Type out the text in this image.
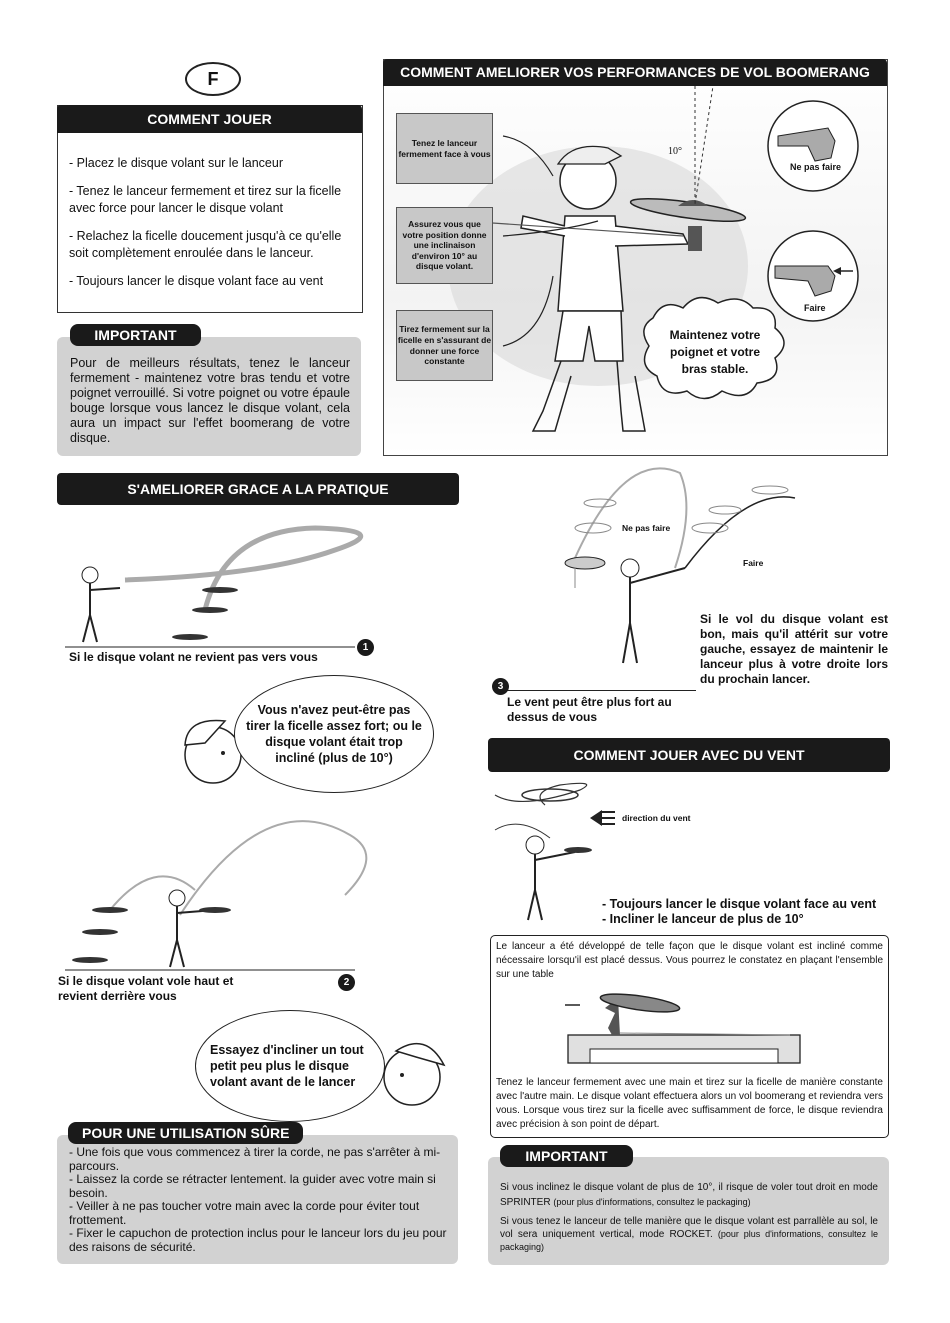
F
COMMENT JOUER
- Placez le disque volant sur le lanceur
- Tenez le lanceur fermement et tirez sur la ficelle avec force pour lancer le disque volant
- Relachez la ficelle doucement jusqu'à ce qu'elle soit complètement enroulée dans le lanceur.
- Toujours lancer le disque volant face au vent
IMPORTANT
Pour de meilleurs résultats, tenez le lanceur fermement - maintenez votre bras tendu et votre poignet verrouillé. Si votre poignet ou votre épaule bouge lorsque vous lancez le disque volant, cela aura un impact sur l'effet boomerang de votre disque.
COMMENT AMELIORER VOS PERFORMANCES DE VOL BOOMERANG
Tenez le lanceur fermement face à vous
Assurez vous que votre position donne une inclinaison d'environ 10° au disque volant.
Tirez fermement sur la ficelle en s'assurant de donner une force constante
10°
Ne pas faire
Faire
Maintenez votre poignet et votre bras stable.
S'AMELIORER GRACE A LA PRATIQUE
1
Si le disque volant ne revient pas vers vous
Vous n'avez peut-être pas tirer la ficelle assez fort; ou le disque volant était trop incliné (plus de 10°)
2
Si le disque volant vole haut et revient derrière vous
Essayez d'incliner un tout petit peu plus le disque volant avant de le lancer
Ne pas faire
Faire
Si le vol du disque volant est bon, mais qu'il attérit sur votre gauche, essayez de maintenir le lanceur plus à votre droite lors du prochain lancer.
3
Le vent peut être plus fort au dessus de vous
COMMENT JOUER AVEC DU VENT
direction du vent
- Toujours lancer le disque volant face au vent
- Incliner le lanceur de plus de 10°
Le lanceur a été développé de telle façon que le disque volant est incliné comme nécessaire lorsqu'il est placé dessus. Vous pourrez le constatez en plaçant l'ensemble sur une table
Tenez le lanceur fermement avec une main et tirez sur la ficelle de manière constante avec l'autre main. Le disque volant effectuera alors un vol boomerang et reviendra vers vous. Lorsque vous tirez sur la ficelle avec suffisamment de force, le disque reviendra avec précision à son point de départ.
POUR UNE UTILISATION SÛRE
- Une fois que vous commencez à tirer la corde, ne pas s'arrêter à mi-parcours.
- Laissez la corde se rétracter lentement. la guider avec votre main si besoin.
- Veiller à ne pas toucher votre main avec la corde pour éviter tout frottement.
- Fixer le capuchon de protection inclus pour le lanceur lors du jeu pour des raisons de sécurité.
IMPORTANT
Si vous inclinez le disque volant de plus de 10°, il risque de voler tout droit en mode SPRINTER (pour plus d'informations, consultez le packaging)
Si vous tenez le lanceur de telle manière que le disque volant est parrallèle au sol, le vol sera uniquement vertical, mode ROCKET. (pour plus d'informations, consultez le packaging)
